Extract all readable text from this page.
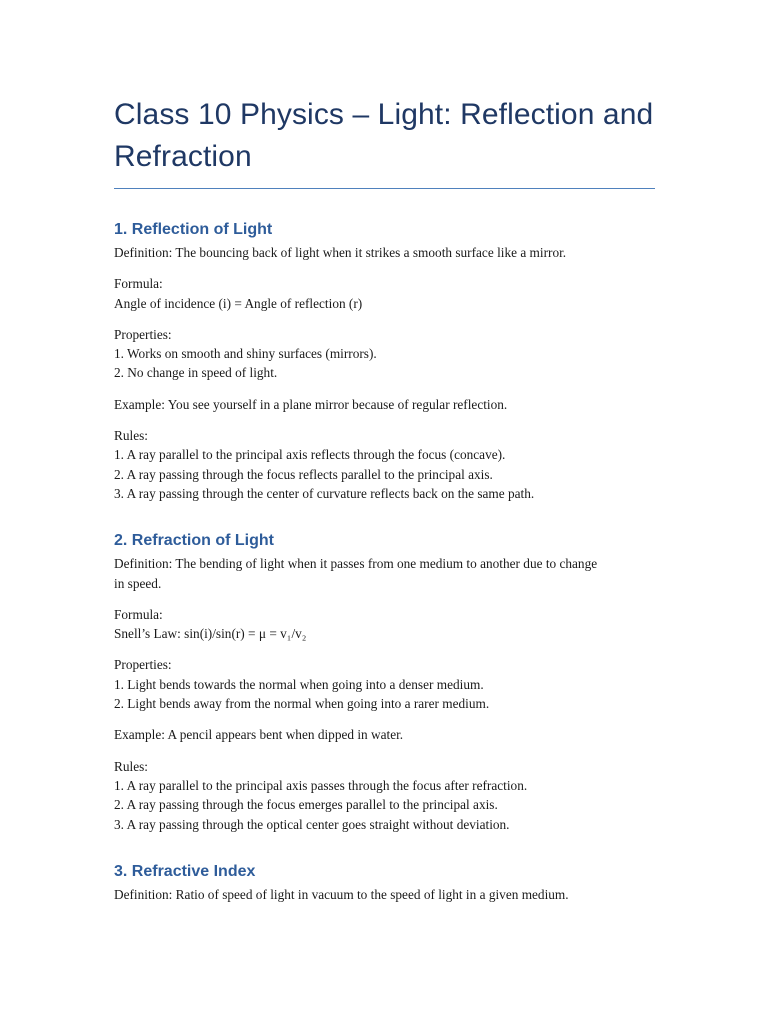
Class 10 Physics – Light: Reflection and
Refraction
1. Reflection of Light

Definition: The bouncing back of light when it strikes a smooth surface like a mirror.

Formula:
Angle of incidence (i) = Angle of reflection (r)

Properties:
1. Works on smooth and shiny surfaces (mirrors).
2. No change in speed of light.

Example: You see yourself in a plane mirror because of regular reflection.

Rules:
1. A ray parallel to the principal axis reflects through the focus (concave).
2. A ray passing through the focus reflects parallel to the principal axis.
3. A ray passing through the center of curvature reflects back on the same path.

2. Refraction of Light

Definition: The bending of light when it passes from one medium to another due to change
in speed.

Formula:
Snell’s Law: sin(i)/sin(r) = μ = v₁/v₂

Properties:
1. Light bends towards the normal when going into a denser medium.
2. Light bends away from the normal when going into a rarer medium.

Example: A pencil appears bent when dipped in water.

Rules:
1. A ray parallel to the principal axis passes through the focus after refraction.
2. A ray passing through the focus emerges parallel to the principal axis.
3. A ray passing through the optical center goes straight without deviation.

3. Refractive Index

Definition: Ratio of speed of light in vacuum to the speed of light in a given medium.
